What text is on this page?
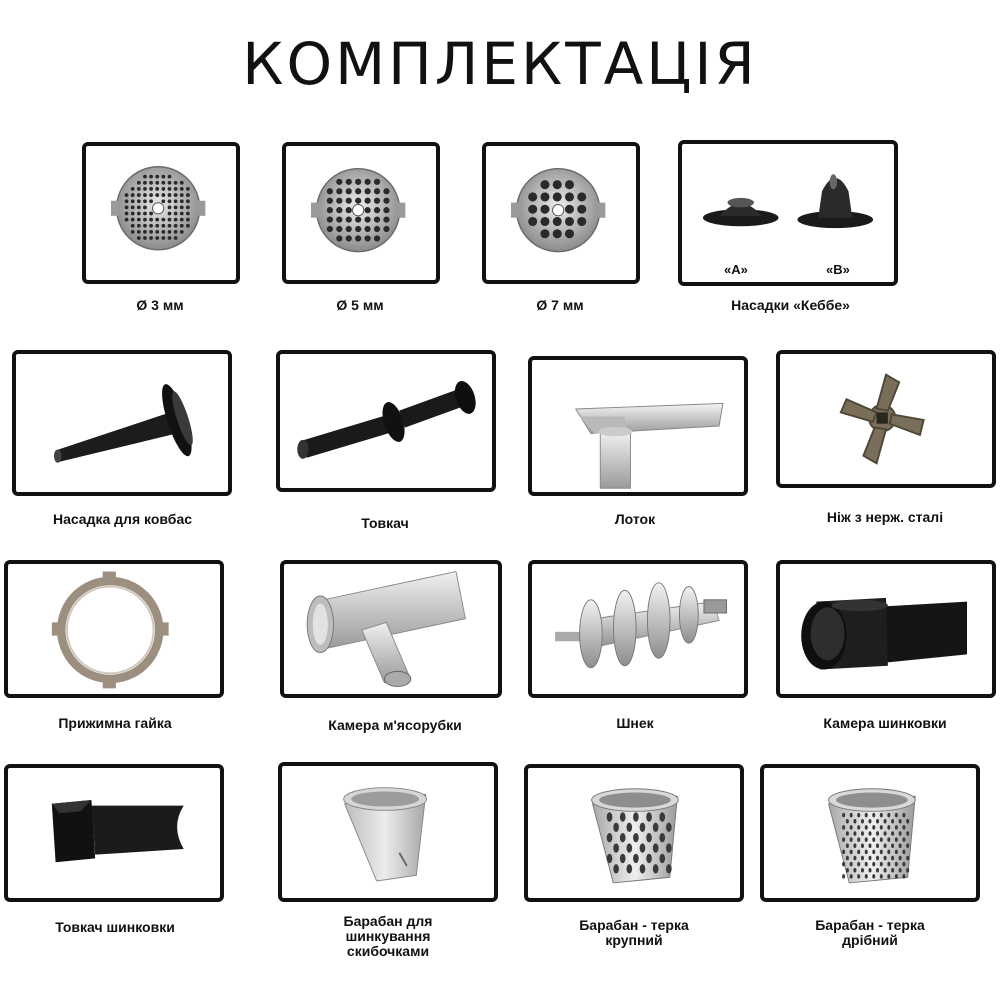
КОМПЛЕКТАЦІЯ
Ø 3 мм	Ø 5 мм	Ø 7 мм
«А»	«В»
Насадки «Кеббе»
Насадка для ковбас	Товкач	Лоток	Ніж з нерж. сталі
Прижимна гайка	Камера м'ясорубки	Шнек	Камера шинковки
Товкач шинковки	Барабан для шинкування скибочками
Барабан - терка крупний
Барабан - терка дрібний
